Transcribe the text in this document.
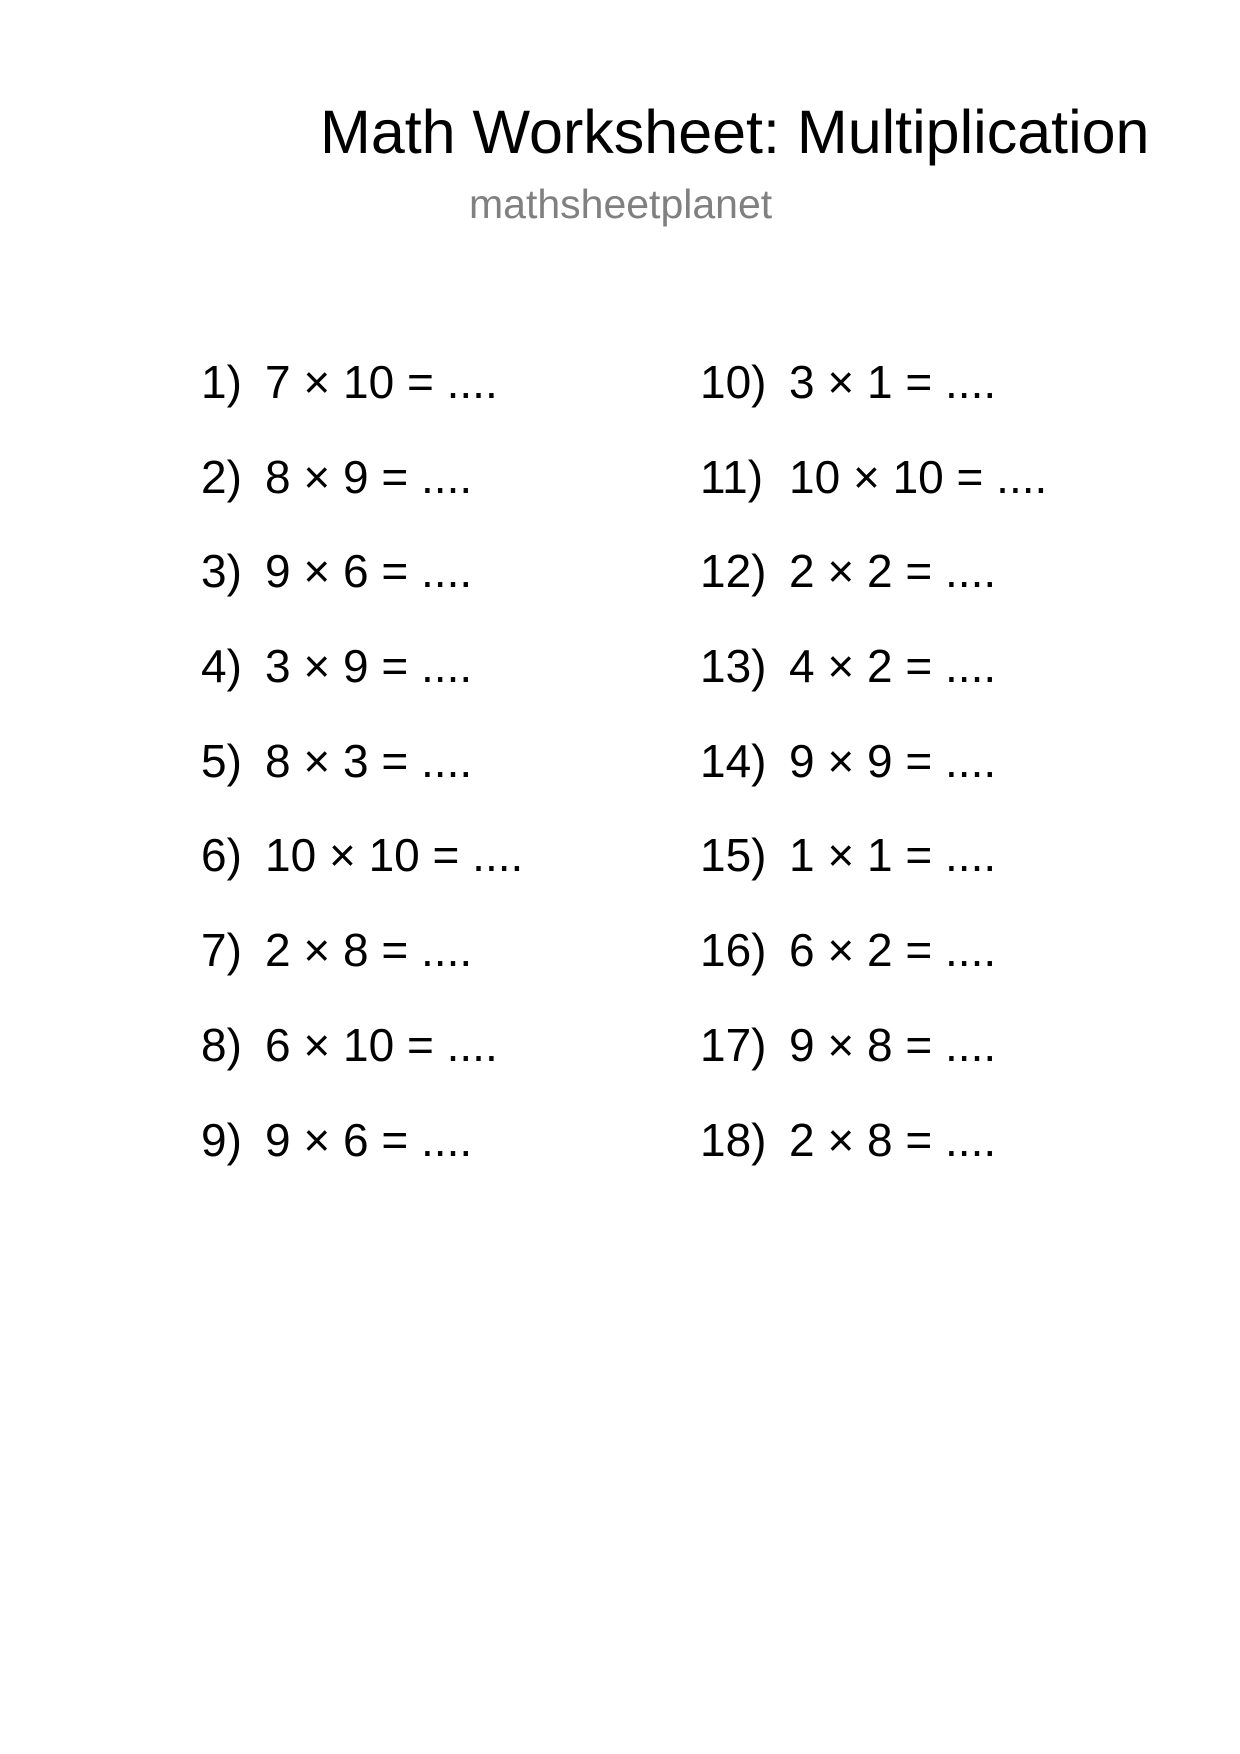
Math Worksheet: Multiplication
mathsheetplanet
1) 7 × 10 = ....
2) 8 × 9 = ....
3) 9 × 6 = ....
4) 3 × 9 = ....
5) 8 × 3 = ....
6) 10 × 10 = ....
7) 2 × 8 = ....
8) 6 × 10 = ....
9) 9 × 6 = ....
10) 3 × 1 = ....
11) 10 × 10 = ....
12) 2 × 2 = ....
13) 4 × 2 = ....
14) 9 × 9 = ....
15) 1 × 1 = ....
16) 6 × 2 = ....
17) 9 × 8 = ....
18) 2 × 8 = ....
